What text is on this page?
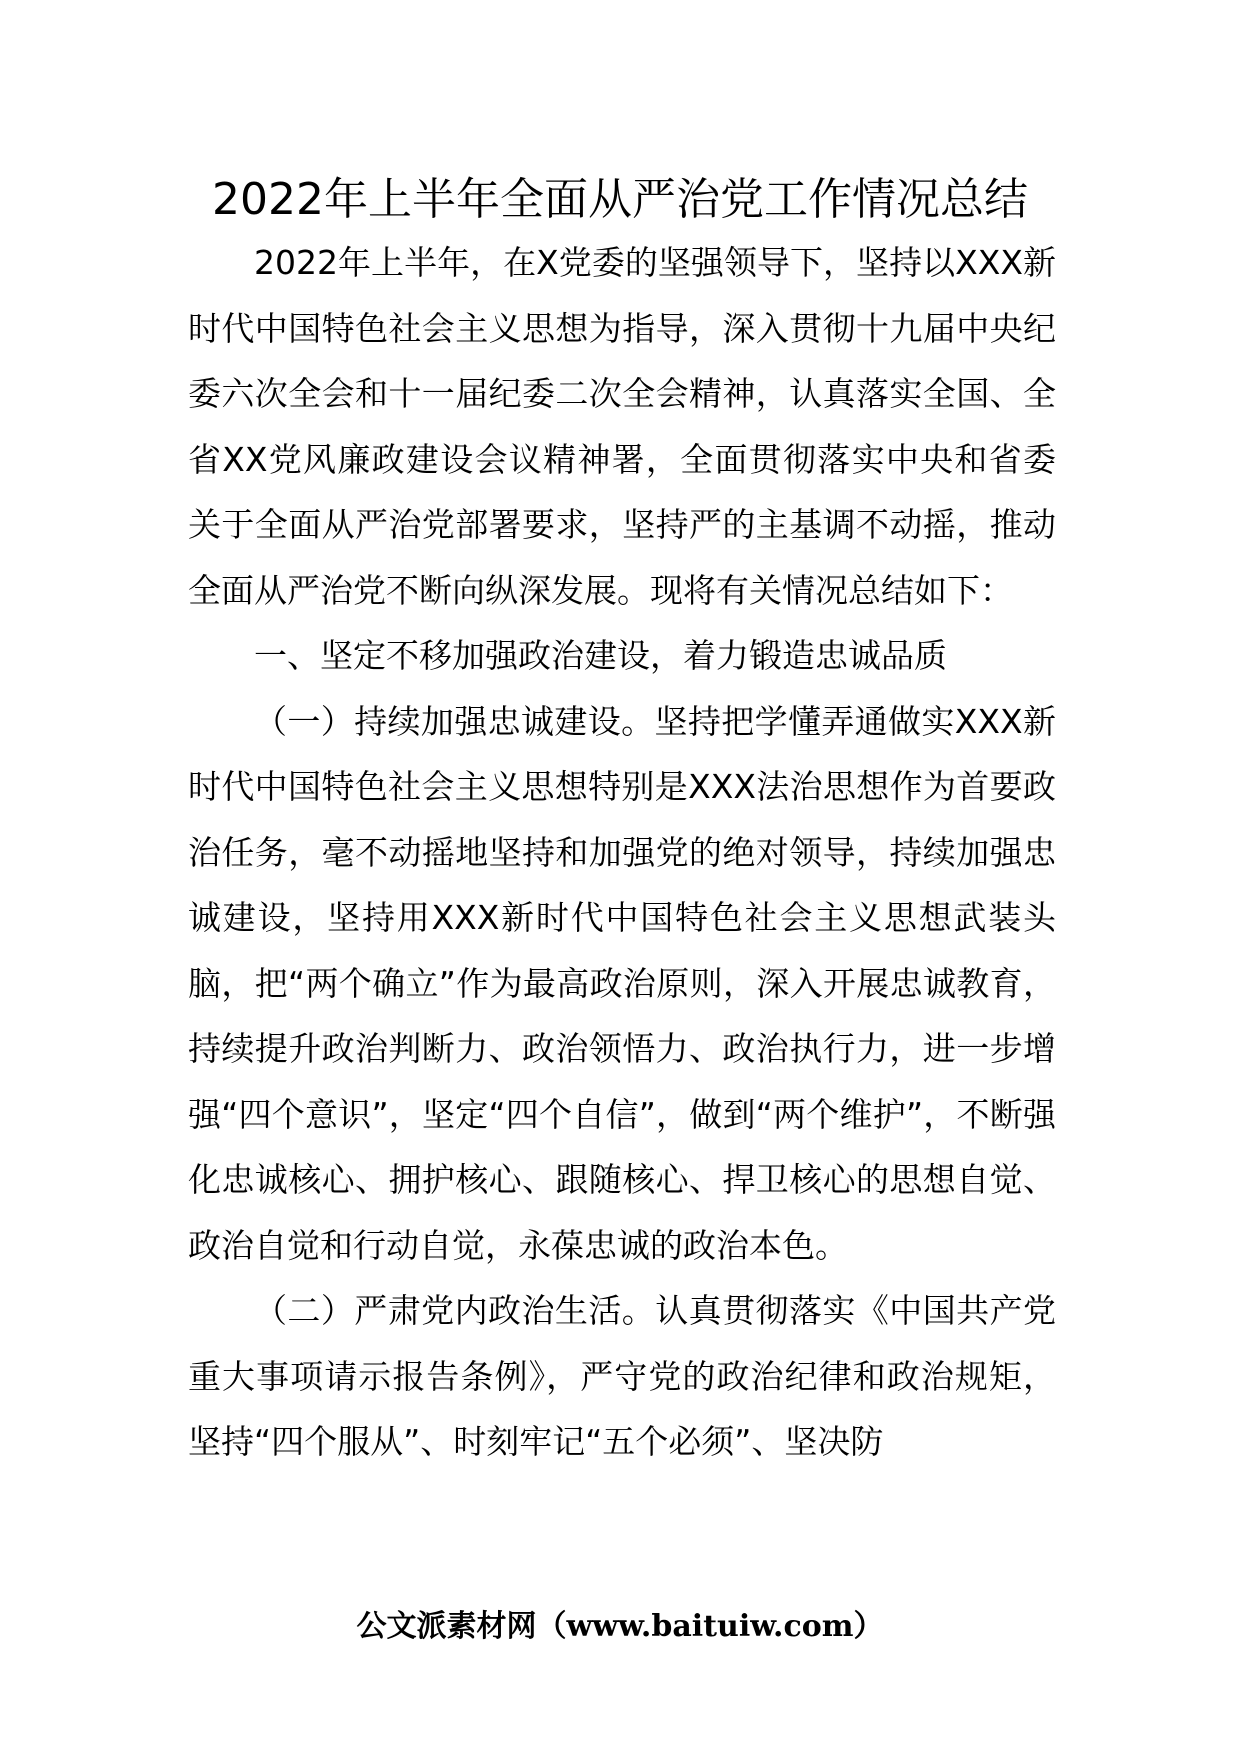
2022年上半年全面从严治党工作情况总结

2022年上半年，在X党委的坚强领导下，坚持以XXX新时代中国特色社会主义思想为指导，深入贯彻十九届中央纪委六次全会和十一届纪委二次全会精神，认真落实全国、全省XX党风廉政建设会议精神署，全面贯彻落实中央和省委关于全面从严治党部署要求，坚持严的主基调不动摇，推动全面从严治党不断向纵深发展。现将有关情况总结如下：

一、坚定不移加强政治建设，着力锻造忠诚品质

（一）持续加强忠诚建设。坚持把学懂弄通做实XXX新时代中国特色社会主义思想特别是XXX法治思想作为首要政治任务，毫不动摇地坚持和加强党的绝对领导，持续加强忠诚建设，坚持用XXX新时代中国特色社会主义思想武装头脑，把“两个确立”作为最高政治原则，深入开展忠诚教育，持续提升政治判断力、政治领悟力、政治执行力，进一步增强“四个意识”，坚定“四个自信”，做到“两个维护”，不断强化忠诚核心、拥护核心、跟随核心、捍卫核心的思想自觉、政治自觉和行动自觉，永葆忠诚的政治本色。

（二）严肃党内政治生活。认真贯彻落实《中国共产党重大事项请示报告条例》，严守党的政治纪律和政治规矩，坚持“四个服从”、时刻牢记“五个必须”、坚决防

公文派素材网（www.baituiw.com）
